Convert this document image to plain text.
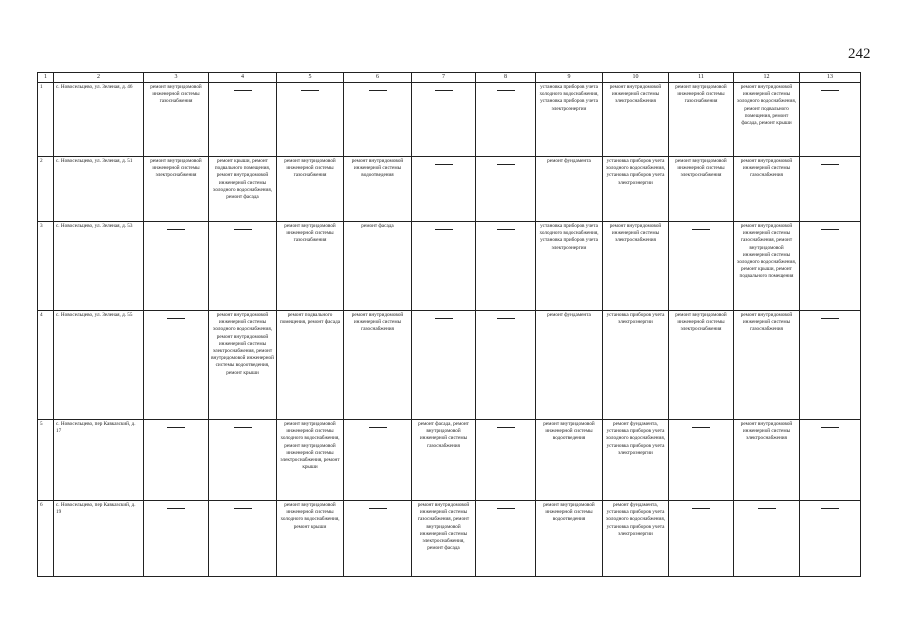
242
1	2	3	4	5	6	7	8	9	10	11	12	13
1	с. Новосельцево, ул. Зеленая, д. 46	ремонт внутридомовой инженерной системы газоснабжения						установка приборов учета холодного водоснабжения, установка приборов учета электроэнергии	ремонт внутридомовой инженерной системы электроснабжения	ремонт внутридомовой инженерной системы газоснабжения	ремонт внутридомовой инженерной системы холодного водоснабжения, ремонт подвального помещения, ремонт фасада, ремонт крыши	

2	с. Новосельцево, ул. Зеленая, д. 51	ремонт внутридомовой инженерной системы электроснабжения	ремонт крыши, ремонт подвального помещения, ремонт внутридомовой инженерной системы холодного водоснабжения, ремонт фасада	ремонт внутридомовой инженерной системы газоснабжения	ремонт внутридомовой инженерной системы водоотведения			ремонт фундамента	установка приборов учета холодного водоснабжения, установка приборов учета электроэнергии	ремонт внутридомовой инженерной системы электроснабжения	ремонт внутридомовой инженерной системы газоснабжения	

3	с. Новосельцево, ул. Зеленая, д. 53			ремонт внутридомовой инженерной системы газоснабжения	ремонт фасада			установка приборов учета холодного водоснабжения, установка приборов учета электроэнергии	ремонт внутридомовой инженерной системы электроснабжения		ремонт внутридомовой инженерной системы газоснабжения, ремонт внутридомовой инженерной системы холодного водоснабжения, ремонт крыши, ремонт подвального помещения	

4	с. Новосельцево, ул. Зеленая, д. 55		ремонт внутридомовой инженерной системы холодного водоснабжения, ремонт внутридомовой инженерной системы электроснабжения, ремонт внутридомовой инженерной системы водоотведения, ремонт крыши	ремонт подвального помещения, ремонт фасада	ремонт внутридомовой инженерной системы газоснабжения			ремонт фундамента	установка приборов учета электроэнергии	ремонт внутридомовой инженерной системы электроснабжения	ремонт внутридомовой инженерной системы газоснабжения	

5	с. Новосельцево, пер Кавказский, д. 17			ремонт внутридомовой инженерной системы холодного водоснабжения, ремонт внутридомовой инженерной системы электроснабжения, ремонт крыши		ремонт фасада, ремонт внутридомовой инженерной системы газоснабжения		ремонт внутридомовой инженерной системы водоотведения	ремонт фундамента, установка приборов учета холодного водоснабжения, установка приборов учета электроэнергии		ремонт внутридомовой инженерной системы электроснабжения	

6	с. Новосельцево, пер Кавказский, д. 19			ремонт внутридомовой инженерной системы холодного водоснабжения, ремонт крыши		ремонт внутридомовой инженерной системы газоснабжения, ремонт внутридомовой инженерной системы электроснабжения, ремонт фасада		ремонт внутридомовой инженерной системы водоотведения	ремонт фундамента, установка приборов учета холодного водоснабжения, установка приборов учета электроэнергии	
